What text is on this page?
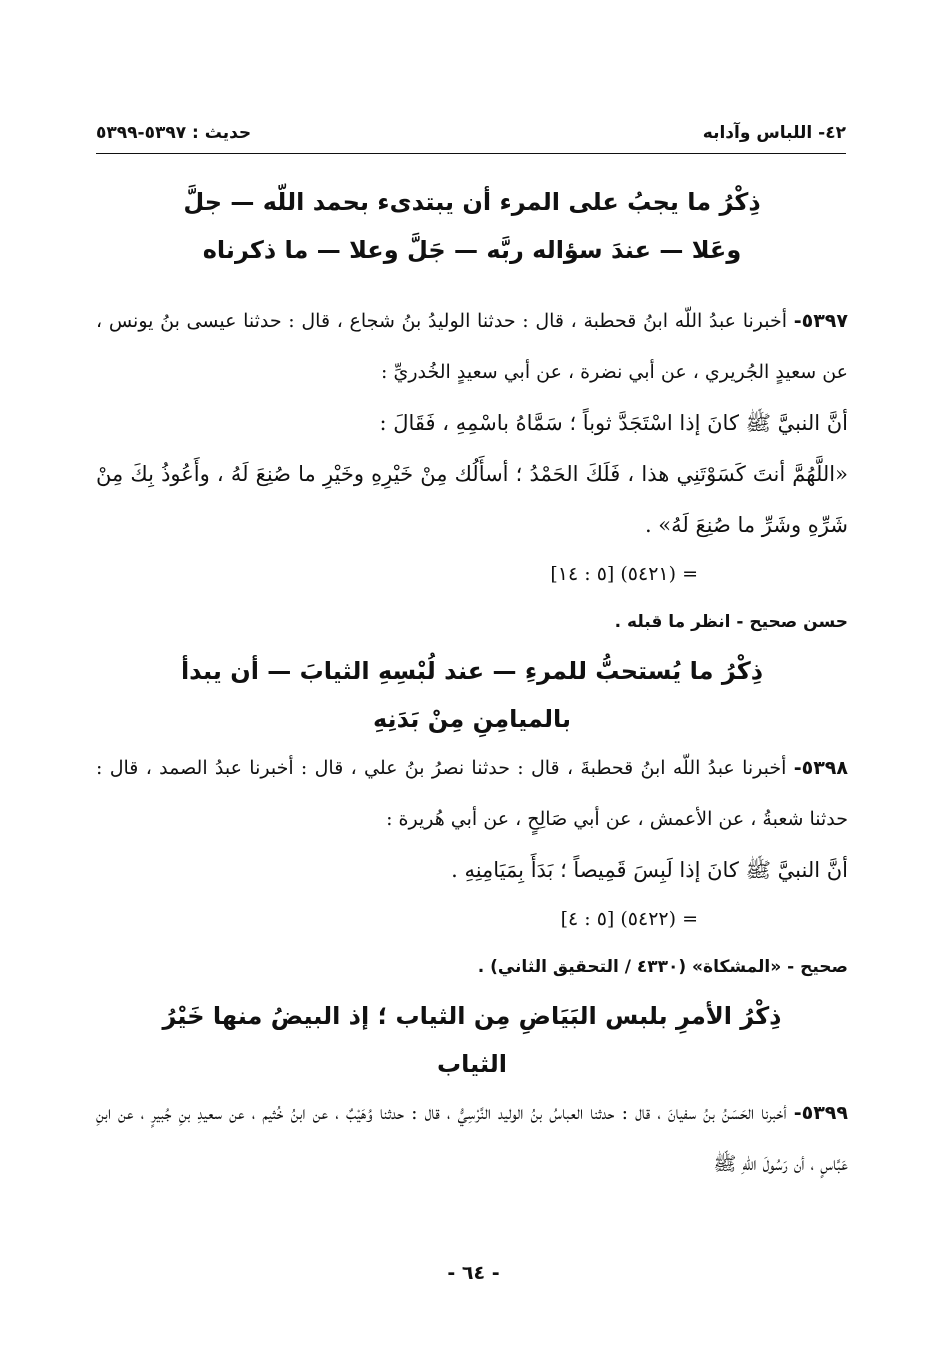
٤٢- اللباس وآدابه
حديث : ٥٣٩٧-٥٣٩٩
ذِكْرُ ما يجبُ على المرء أن يبتدىء بحمد اللّه — جلَّ
وعَلا — عندَ سؤاله ربَّه — جَلَّ وعلا — ما ذكرناه

٥٣٩٧- أخبرنا عبدُ اللّه ابنُ قحطبة ، قال : حدثنا الوليدُ بنُ شجاع ، قال : حدثنا عيسى بنُ يونس ، عن سعيدٍ الجُريري ، عن أبي نضرة ، عن أبي سعيدٍ الخُدريِّ :

أنَّ النبيَّ ﷺ كانَ إذا اسْتَجَدَّ ثوباً ؛ سَمَّاهُ باسْمِهِ ، فَقَالَ :

«اللَّهُمَّ أنتَ كَسَوْتَنِي هذا ، فَلَكَ الحَمْدُ ؛ أسأَلُك مِنْ خَيْرِهِ وخَيْرِ ما صُنِعَ لَهُ ، وأَعُوذُ بِكَ مِنْ شَرِّهِ وشَرِّ ما صُنِعَ لَهُ» .

= (٥٤٢١) [٥ : ١٤]

حسن صحيح - انظر ما قبله .

ذِكْرُ ما يُستحبُّ للمرءِ — عند لُبْسِهِ الثيابَ — أن يبدأ
بالميامِنِ مِنْ بَدَنِهِ

٥٣٩٨- أخبرنا عبدُ اللّه ابنُ قحطبةَ ، قال : حدثنا نصرُ بنُ علي ، قال : أخبرنا عبدُ الصمد ، قال : حدثنا شعبةُ ، عن الأعمش ، عن أبي صَالِحٍ ، عن أبي هُريرة :

أنَّ النبيَّ ﷺ كانَ إذا لَبِسَ قَمِيصاً ؛ بَدَأَ بِمَيَامِنِهِ .

= (٥٤٢٢) [٥ : ٤]

صحيح - «المشكاة» (٤٣٣٠ / التحقيق الثاني) .

ذِكْرُ الأمرِ بلبس البَيَاضِ مِن الثياب ؛ إذ البيضُ منها خَيْرُ
الثياب

٥٣٩٩- أخبرنا الحَسَنُ بنُ سفيانَ ، قال : حدثنا العباسُ بنُ الوليد النَّرْسِيُّ ، قال : حدثنا وُهَيْبٌ ، عن ابنُ خُثيم ، عن سعيدِ بنِ جُبيرٍ ، عن ابنِ عَبَّاسٍ ، أن رَسُولَ اللّهِ ﷺ

- ٦٤ -
